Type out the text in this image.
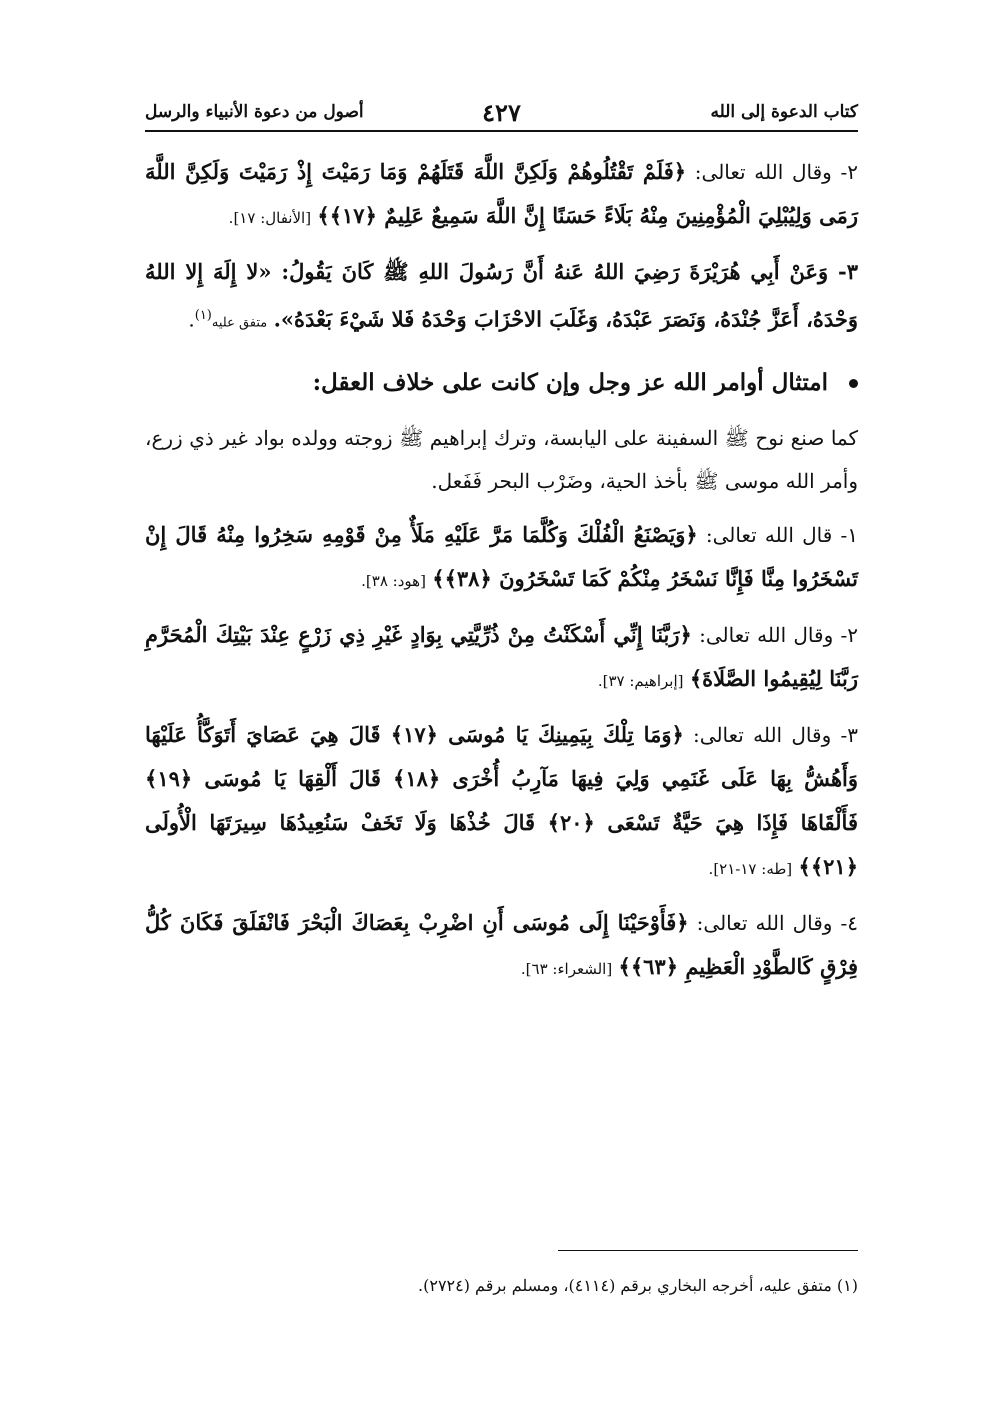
كتاب الدعوة إلى الله
٤٢٧
أصول من دعوة الأنبياء والرسل

٢- وقال الله تعالى: ﴿فَلَمْ تَقْتُلُوهُمْ وَلَكِنَّ اللَّهَ قَتَلَهُمْ وَمَا رَمَيْتَ إِذْ رَمَيْتَ وَلَكِنَّ اللَّهَ رَمَى وَلِيُبْلِيَ الْمُؤْمِنِينَ مِنْهُ بَلَاءً حَسَنًا إِنَّ اللَّهَ سَمِيعٌ عَلِيمٌ ﴿١٧﴾﴾ [الأنفال: ١٧].

٣- وَعَنْ أَبِي هُرَيْرَةَ رَضِيَ اللهُ عَنهُ أَنَّ رَسُولَ اللهِ ﷺ كَانَ يَقُولُ: «لا إِلَهَ إِلا اللهُ وَحْدَهُ، أَعَزَّ جُنْدَهُ، وَنَصَرَ عَبْدَهُ، وَغَلَبَ الاحْزَابَ وَحْدَهُ فَلا شَيْءَ بَعْدَهُ». متفق عليه$^{(١)}$.

امتثال أوامر الله عز وجل وإن كانت على خلاف العقل:

كما صنع نوح ﷺ السفينة على اليابسة، وترك إبراهيم ﷺ زوجته وولده بواد غير ذي زرع، وأمر الله موسى ﷺ بأخذ الحية، وضَرْب البحر فَفَعل.

١- قال الله تعالى: ﴿وَيَصْنَعُ الْفُلْكَ وَكُلَّمَا مَرَّ عَلَيْهِ مَلَأٌ مِنْ قَوْمِهِ سَخِرُوا مِنْهُ قَالَ إِنْ تَسْخَرُوا مِنَّا فَإِنَّا نَسْخَرُ مِنْكُمْ كَمَا تَسْخَرُونَ ﴿٣٨﴾﴾ [هود: ٣٨].

٢- وقال الله تعالى: ﴿رَبَّنَا إِنِّي أَسْكَنْتُ مِنْ ذُرِّيَّتِي بِوَادٍ غَيْرِ ذِي زَرْعٍ عِنْدَ بَيْتِكَ الْمُحَرَّمِ رَبَّنَا لِيُقِيمُوا الصَّلَاةَ﴾ [إبراهيم: ٣٧].

٣- وقال الله تعالى: ﴿وَمَا تِلْكَ بِيَمِينِكَ يَا مُوسَى ﴿١٧﴾ قَالَ هِيَ عَصَايَ أَتَوَكَّأُ عَلَيْهَا وَأَهُشُّ بِهَا عَلَى غَنَمِي وَلِيَ فِيهَا مَآرِبُ أُخْرَى ﴿١٨﴾ قَالَ أَلْقِهَا يَا مُوسَى ﴿١٩﴾ فَأَلْقَاهَا فَإِذَا هِيَ حَيَّةٌ تَسْعَى ﴿٢٠﴾ قَالَ خُذْهَا وَلَا تَخَفْ سَنُعِيدُهَا سِيرَتَهَا الْأُولَى ﴿٢١﴾﴾ [طه: ١٧-٢١].

٤- وقال الله تعالى: ﴿فَأَوْحَيْنَا إِلَى مُوسَى أَنِ اضْرِبْ بِعَصَاكَ الْبَحْرَ فَانْفَلَقَ فَكَانَ كُلُّ فِرْقٍ كَالطَّوْدِ الْعَظِيمِ ﴿٦٣﴾﴾ [الشعراء: ٦٣].

(١) متفق عليه، أخرجه البخاري برقم (٤١١٤)، ومسلم برقم (٢٧٢٤).
